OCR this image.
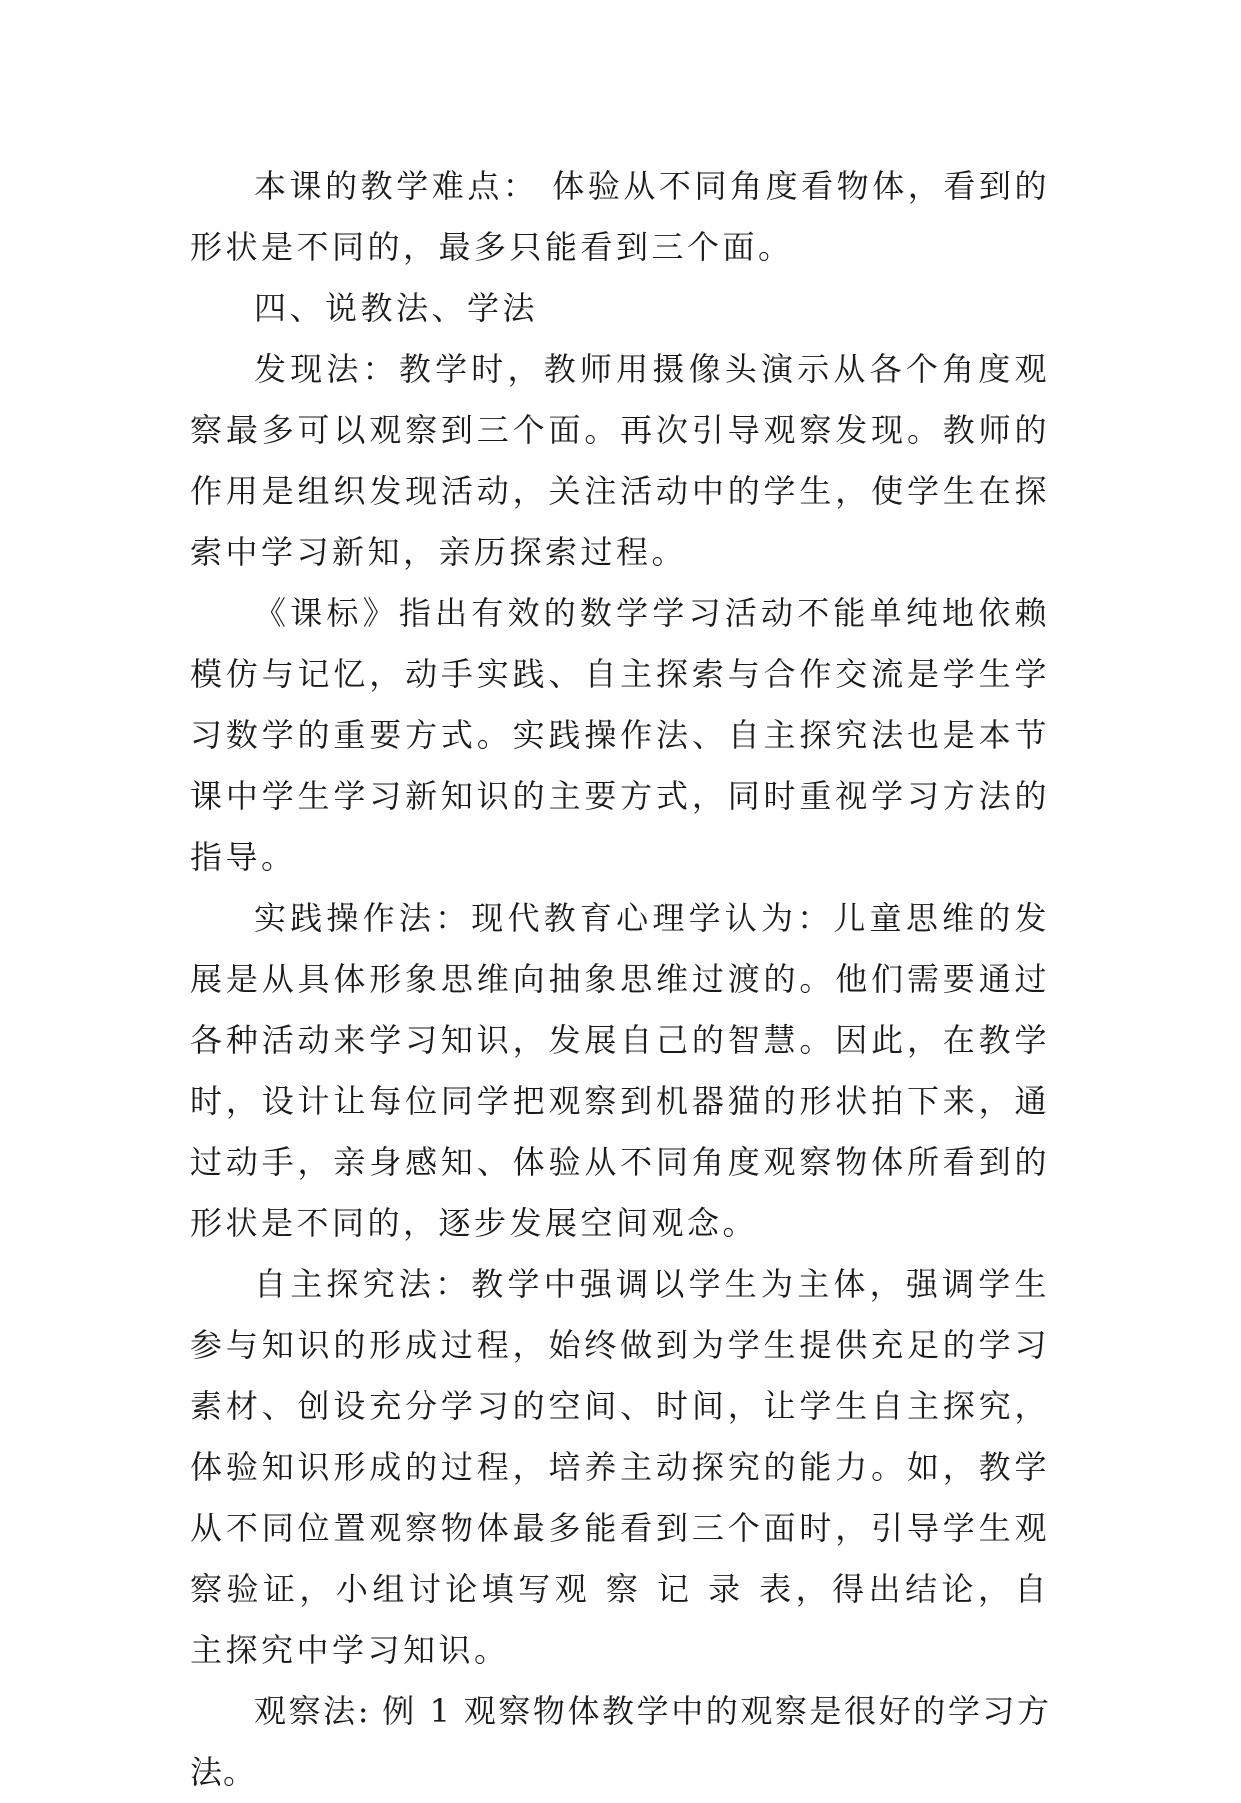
本课的教学难点： 体验从不同角度看物体，看到的形状是不同的，最多只能看到三个面。

四、说教法、学法

发现法：教学时，教师用摄像头演示从各个角度观察最多可以观察到三个面。再次引导观察发现。教师的作用是组织发现活动，关注活动中的学生，使学生在探索中学习新知，亲历探索过程。

《课标》指出有效的数学学习活动不能单纯地依赖模仿与记忆，动手实践、自主探索与合作交流是学生学习数学的重要方式。实践操作法、自主探究法也是本节课中学生学习新知识的主要方式，同时重视学习方法的指导。

实践操作法：现代教育心理学认为：儿童思维的发展是从具体形象思维向抽象思维过渡的。他们需要通过各种活动来学习知识，发展自己的智慧。因此，在教学时，设计让每位同学把观察到机器猫的形状拍下来，通过动手，亲身感知、体验从不同角度观察物体所看到的形状是不同的，逐步发展空间观念。

自主探究法：教学中强调以学生为主体，强调学生参与知识的形成过程，始终做到为学生提供充足的学习素材、创设充分学习的空间、时间，让学生自主探究，体验知识形成的过程，培养主动探究的能力。如，教学从不同位置观察物体最多能看到三个面时，引导学生观察验证，小组讨论填写观 察 记 录 表，得出结论，自主探究中学习知识。

观察法: 例 1 观察物体教学中的观察是很好的学习方法。
